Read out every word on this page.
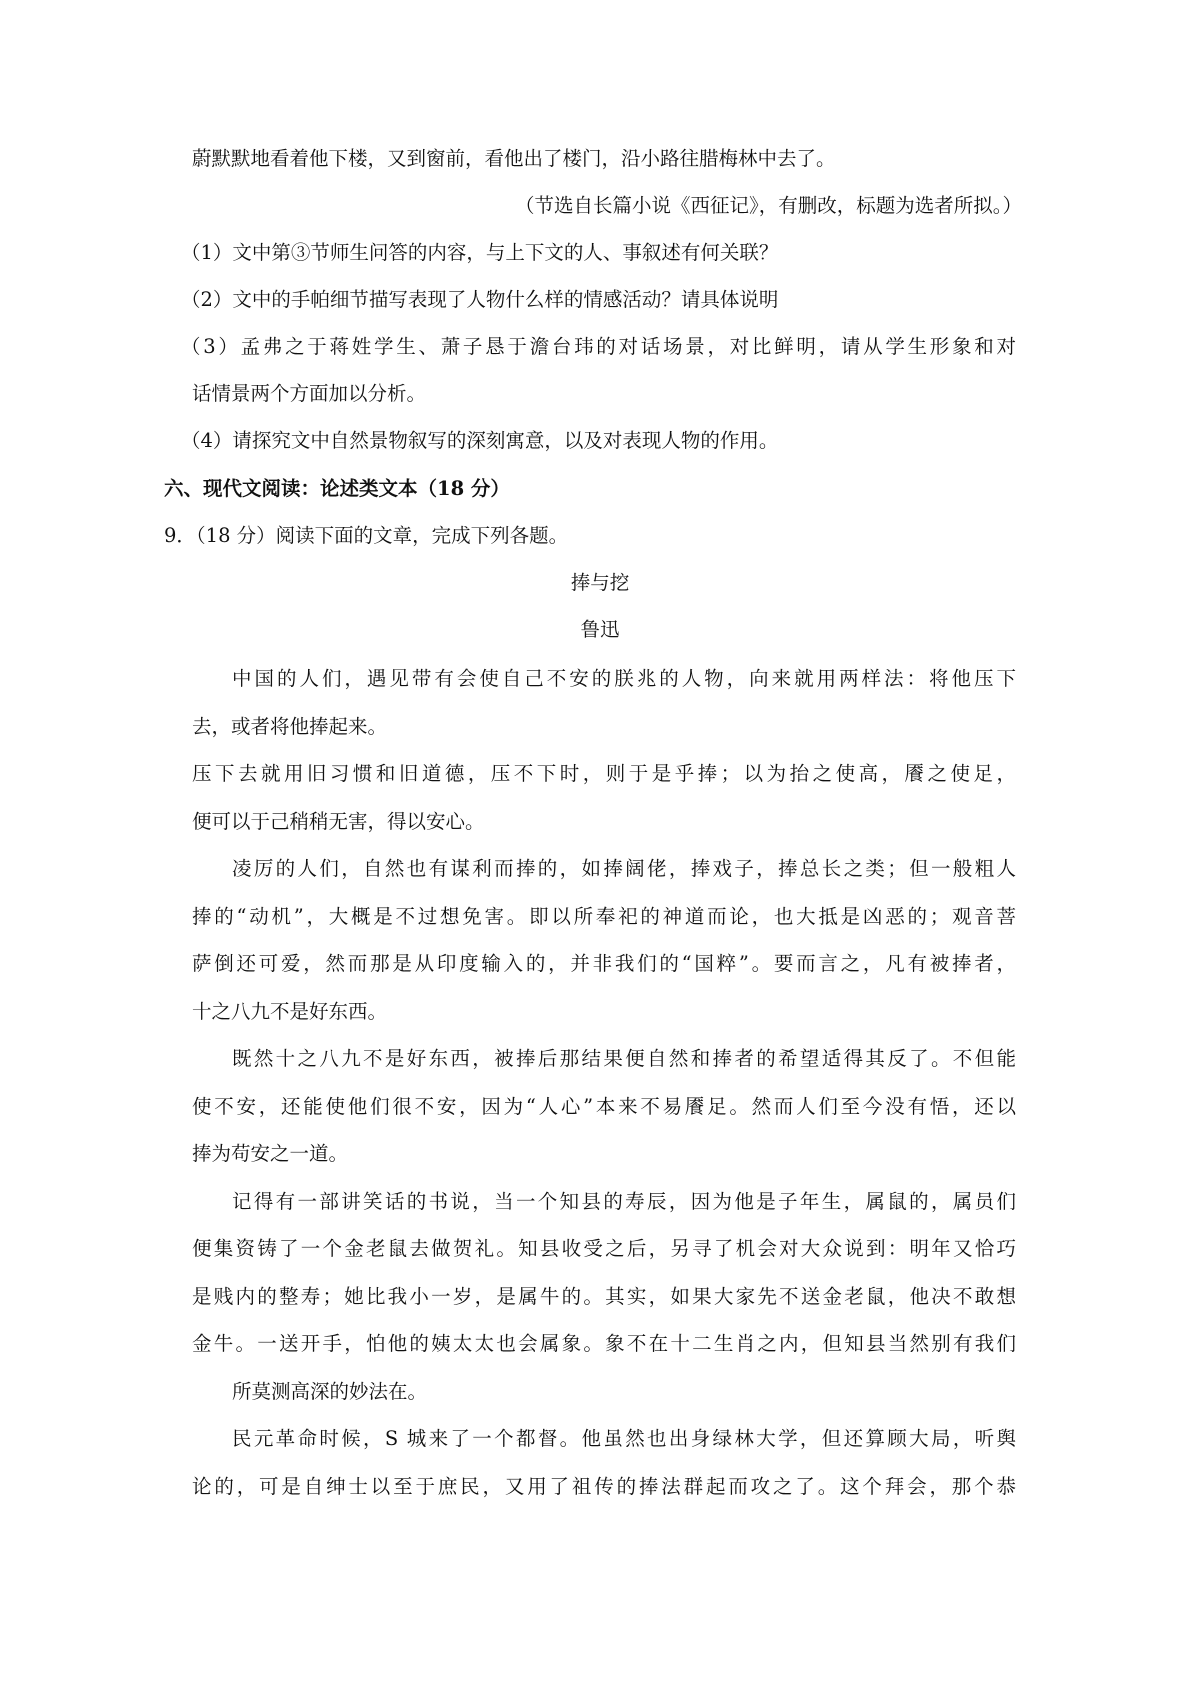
蔚默默地看着他下楼，又到窗前，看他出了楼门，沿小路往腊梅林中去了。
（节选自长篇小说《西征记》，有删改，标题为选者所拟。）
（1）文中第③节师生问答的内容，与上下文的人、事叙述有何关联？
（2）文中的手帕细节描写表现了人物什么样的情感活动？请具体说明
（3）孟弗之于蒋姓学生、萧子恳于澹台玮的对话场景，对比鲜明，请从学生形象和对
话情景两个方面加以分析。
（4）请探究文中自然景物叙写的深刻寓意，以及对表现人物的作用。
六、现代文阅读：论述类文本（18 分）
9．（18 分）阅读下面的文章，完成下列各题。
捧与挖
鲁迅
中国的人们，遇见带有会使自己不安的朕兆的人物，向来就用两样法：将他压下
去，或者将他捧起来。
压下去就用旧习惯和旧道德，压不下时，则于是乎捧；以为抬之使高，餍之使足，
便可以于己稍稍无害，得以安心。
凌厉的人们，自然也有谋利而捧的，如捧阔佬，捧戏子，捧总长之类；但一般粗人
捧的“动机”，大概是不过想免害。即以所奉祀的神道而论，也大抵是凶恶的；观音菩
萨倒还可爱，然而那是从印度输入的，并非我们的“国粹”。要而言之，凡有被捧者，
十之八九不是好东西。
既然十之八九不是好东西，被捧后那结果便自然和捧者的希望适得其反了。不但能
使不安，还能使他们很不安，因为“人心”本来不易餍足。然而人们至今没有悟，还以
捧为苟安之一道。
记得有一部讲笑话的书说，当一个知县的寿辰，因为他是子年生，属鼠的，属员们
便集资铸了一个金老鼠去做贺礼。知县收受之后，另寻了机会对大众说到：明年又恰巧
是贱内的整寿；她比我小一岁，是属牛的。其实，如果大家先不送金老鼠，他决不敢想
金牛。一送开手，怕他的姨太太也会属象。象不在十二生肖之内，但知县当然别有我们
所莫测高深的妙法在。
民元革命时候，S 城来了一个都督。他虽然也出身绿林大学，但还算顾大局，听舆
论的，可是自绅士以至于庶民，又用了祖传的捧法群起而攻之了。这个拜会，那个恭
